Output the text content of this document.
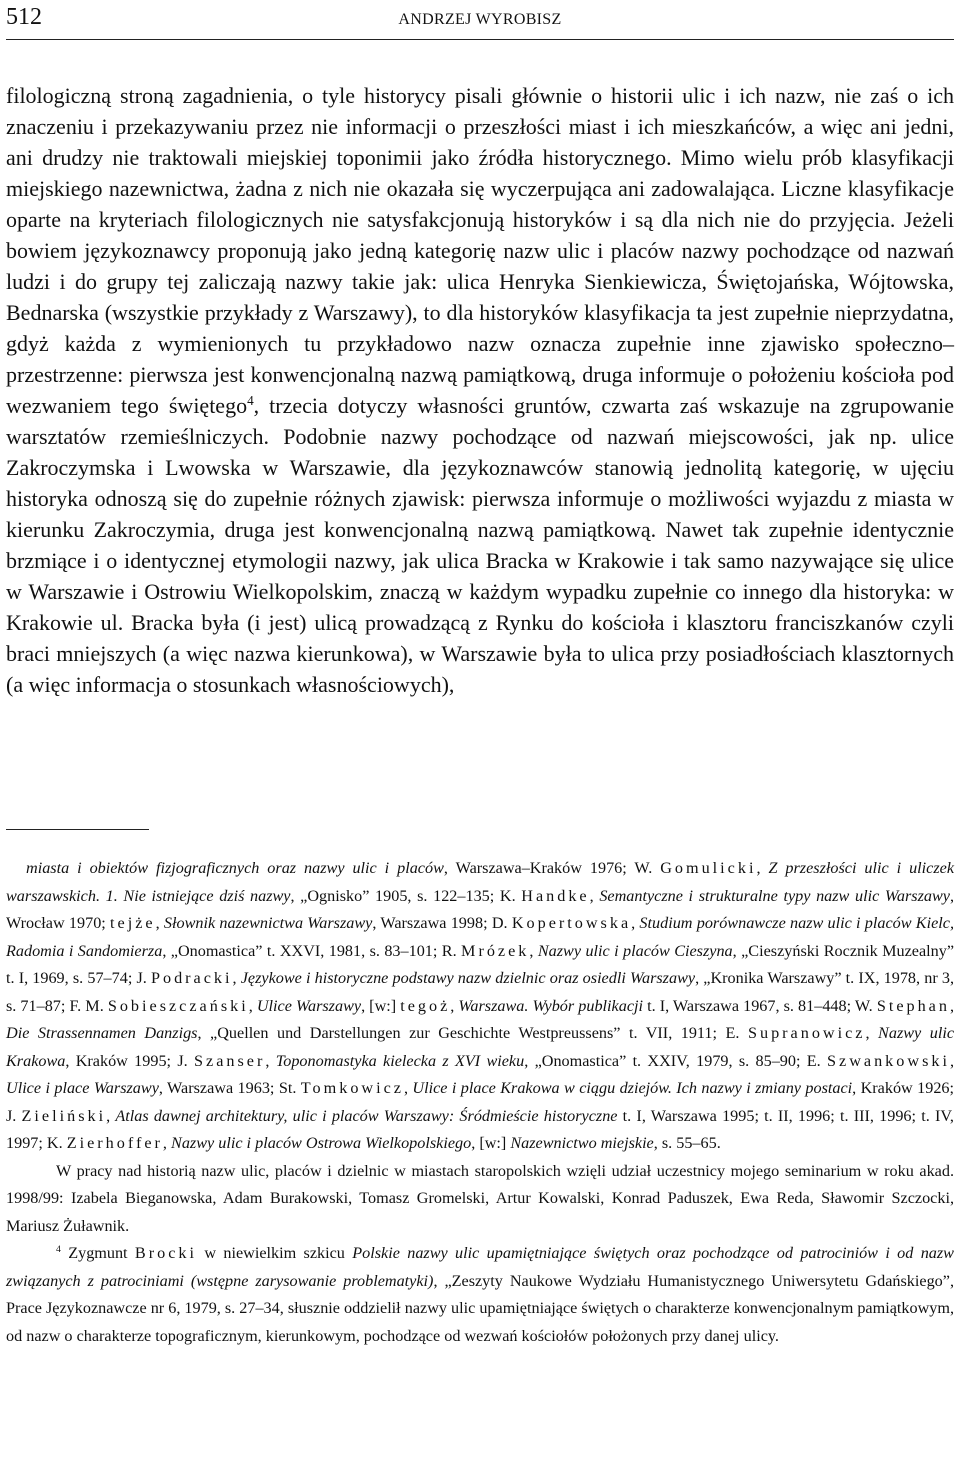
512	ANDRZEJ WYROBISZ

filologiczną stroną zagadnienia, o tyle historycy pisali głównie o historii ulic i ich nazw, nie zaś o ich znaczeniu i przekazywaniu przez nie informacji o przeszłości miast i ich mieszkańców, a więc ani jedni, ani drudzy nie traktowali miejskiej toponimii jako źródła historycznego. Mimo wielu prób klasyfikacji miejskiego nazewnictwa, żadna z nich nie okazała się wyczerpująca ani zadowalająca. Liczne klasyfikacje oparte na kryteriach filologicznych nie satysfakcjonują historyków i są dla nich nie do przyjęcia. Jeżeli bowiem językoznawcy proponują jako jedną kategorię nazw ulic i placów nazwy pochodzące od nazwań ludzi i do grupy tej zaliczają nazwy takie jak: ulica Henryka Sienkiewicza, Świętojańska, Wójtowska, Bednarska (wszystkie przykłady z Warszawy), to dla historyków klasyfikacja ta jest zupełnie nieprzydatna, gdyż każda z wymienionych tu przykładowo nazw oznacza zupełnie inne zjawisko społeczno–przestrzenne: pierwsza jest konwencjonalną nazwą pamiątkową, druga informuje o położeniu kościoła pod wezwaniem tego świętego$^4$, trzecia dotyczy własności gruntów, czwarta zaś wskazuje na zgrupowanie warsztatów rzemieślniczych. Podobnie nazwy pochodzące od nazwań miejscowości, jak np. ulice Zakroczymska i Lwowska w Warszawie, dla językoznawców stanowią jednolitą kategorię, w ujęciu historyka odnoszą się do zupełnie różnych zjawisk: pierwsza informuje o możliwości wyjazdu z miasta w kierunku Zakroczymia, druga jest konwencjonalną nazwą pamiątkową. Nawet tak zupełnie identycznie brzmiące i o identycznej etymologii nazwy, jak ulica Bracka w Krakowie i tak samo nazywające się ulice w Warszawie i Ostrowiu Wielkopolskim, znaczą w każdym wypadku zupełnie co innego dla historyka: w Krakowie ul. Bracka była (i jest) ulicą prowadzącą z Rynku do kościoła i klasztoru franciszkanów czyli braci mniejszych (a więc nazwa kierunkowa), w Warszawie była to ulica przy posiadłościach klasztornych (a więc informacja o stosunkach własnościowych),

miasta i obiektów fizjograficznych oraz nazwy ulic i placów, Warszawa–Kraków 1976; W. Gomulicki, Z przeszłości ulic i uliczek warszawskich. 1. Nie istniejące dziś nazwy, „Ognisko” 1905, s. 122–135; K. Handke, Semantyczne i strukturalne typy nazw ulic Warszawy, Wrocław 1970; tejże, Słownik nazewnictwa Warszawy, Warszawa 1998; D. Kopertowska, Studium porównawcze nazw ulic i placów Kielc, Radomia i Sandomierza, „Onomastica” t. XXVI, 1981, s. 83–101; R. Mrózek, Nazwy ulic i placów Cieszyna, „Cieszyński Rocznik Muzealny” t. I, 1969, s. 57–74; J. Podracki, Językowe i historyczne podstawy nazw dzielnic oraz osiedli Warszawy, „Kronika Warszawy” t. IX, 1978, nr 3, s. 71–87; F. M. Sobieszczański, Ulice Warszawy, [w:] tegoż, Warszawa. Wybór publikacji t. I, Warszawa 1967, s. 81–448; W. Stephan, Die Strassennamen Danzigs, „Quellen und Darstellungen zur Geschichte Westpreussens” t. VII, 1911; E. Supranowicz, Nazwy ulic Krakowa, Kraków 1995; J. Szanser, Toponomastyka kielecka z XVI wieku, „Onomastica” t. XXIV, 1979, s. 85–90; E. Szwankowski, Ulice i place Warszawy, Warszawa 1963; St. Tomkowicz, Ulice i place Krakowa w ciągu dziejów. Ich nazwy i zmiany postaci, Kraków 1926; J. Zieliński, Atlas dawnej architektury, ulic i placów Warszawy: Śródmieście historyczne t. I, Warszawa 1995; t. II, 1996; t. III, 1996; t. IV, 1997; K. Zierhoffer, Nazwy ulic i placów Ostrowa Wielkopolskiego, [w:] Nazewnictwo miejskie, s. 55–65.

W pracy nad historią nazw ulic, placów i dzielnic w miastach staropolskich wzięli udział uczestnicy mojego seminarium w roku akad. 1998/99: Izabela Bieganowska, Adam Burakowski, Tomasz Gromelski, Artur Kowalski, Konrad Paduszek, Ewa Reda, Sławomir Szczocki, Mariusz Żuławnik.

$^4$ Zygmunt Brocki w niewielkim szkicu Polskie nazwy ulic upamiętniające świętych oraz pochodzące od patrociniów i od nazw związanych z patrociniami (wstępne zarysowanie problematyki), „Zeszyty Naukowe Wydziału Humanistycznego Uniwersytetu Gdańskiego”, Prace Językoznawcze nr 6, 1979, s. 27–34, słusznie oddzielił nazwy ulic upamiętniające świętych o charakterze konwencjonalnym pamiątkowym, od nazw o charakterze topograficznym, kierunkowym, pochodzące od wezwań kościołów położonych przy danej ulicy.
